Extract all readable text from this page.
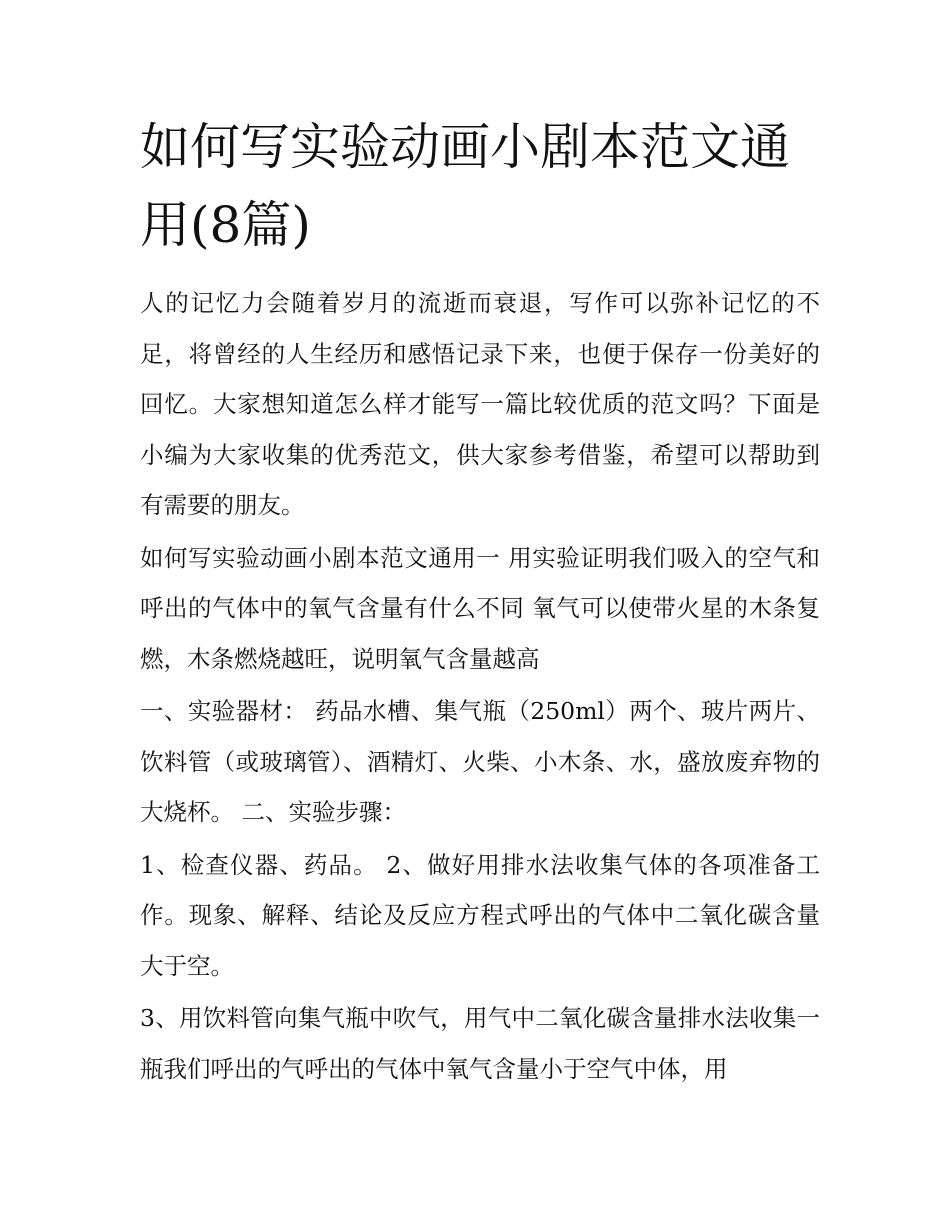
如何写实验动画小剧本范文通用(8篇)

人的记忆力会随着岁月的流逝而衰退，写作可以弥补记忆的不足，将曾经的人生经历和感悟记录下来，也便于保存一份美好的回忆。大家想知道怎么样才能写一篇比较优质的范文吗？下面是小编为大家收集的优秀范文，供大家参考借鉴，希望可以帮助到有需要的朋友。

如何写实验动画小剧本范文通用一 用实验证明我们吸入的空气和呼出的气体中的氧气含量有什么不同 氧气可以使带火星的木条复燃，木条燃烧越旺，说明氧气含量越高

一、实验器材： 药品水槽、集气瓶（250ml）两个、玻片两片、饮料管（或玻璃管）、酒精灯、火柴、小木条、水，盛放废弃物的大烧杯。 二、实验步骤：

1、检查仪器、药品。 2、做好用排水法收集气体的各项准备工作。现象、解释、结论及反应方程式呼出的气体中二氧化碳含量大于空。

3、用饮料管向集气瓶中吹气，用气中二氧化碳含量排水法收集一瓶我们呼出的气呼出的气体中氧气含量小于空气中体，用
